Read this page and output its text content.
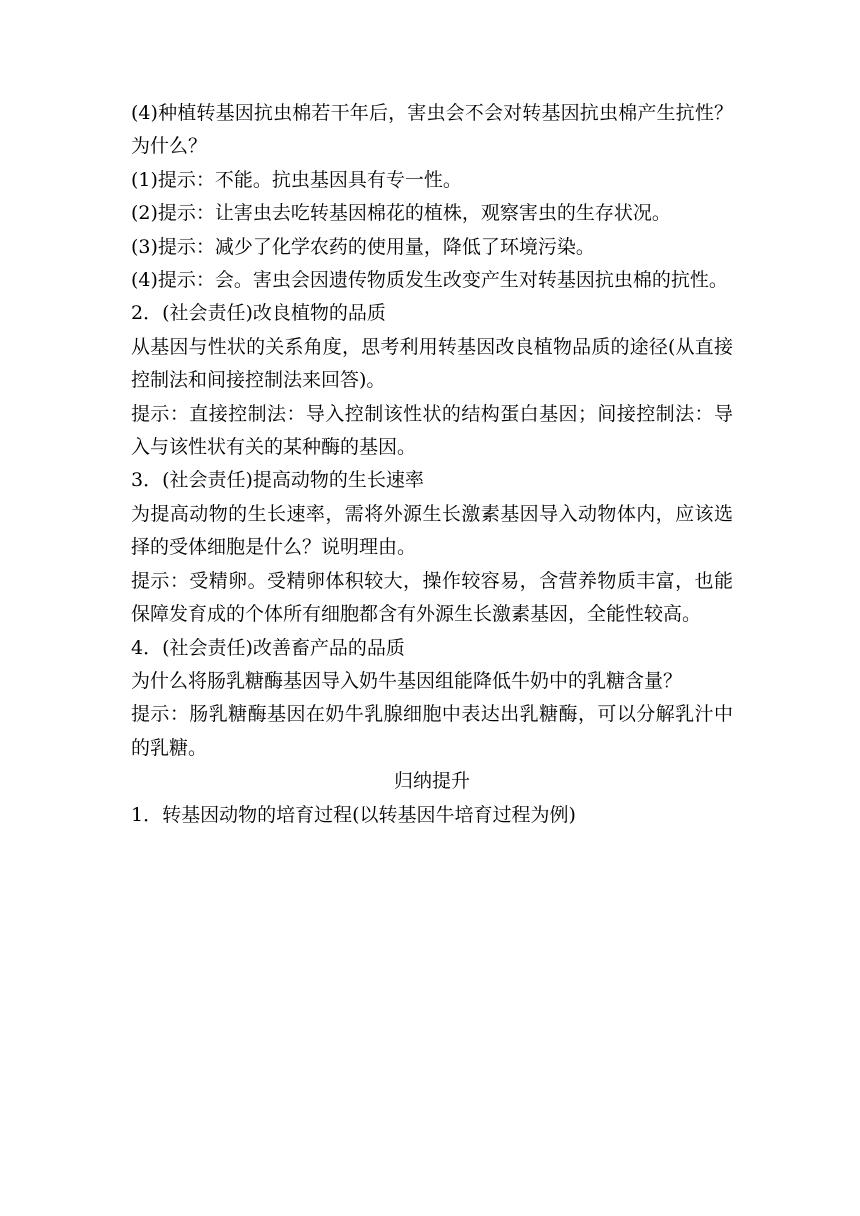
(4)种植转基因抗虫棉若干年后，害虫会不会对转基因抗虫棉产生抗性？为什么？

(1)提示：不能。抗虫基因具有专一性。

(2)提示：让害虫去吃转基因棉花的植株，观察害虫的生存状况。

(3)提示：减少了化学农药的使用量，降低了环境污染。

(4)提示：会。害虫会因遗传物质发生改变产生对转基因抗虫棉的抗性。

2．(社会责任)改良植物的品质

从基因与性状的关系角度，思考利用转基因改良植物品质的途径(从直接控制法和间接控制法来回答)。

提示：直接控制法：导入控制该性状的结构蛋白基因；间接控制法：导入与该性状有关的某种酶的基因。

3．(社会责任)提高动物的生长速率

为提高动物的生长速率，需将外源生长激素基因导入动物体内，应该选择的受体细胞是什么？说明理由。

提示：受精卵。受精卵体积较大，操作较容易，含营养物质丰富，也能保障发育成的个体所有细胞都含有外源生长激素基因，全能性较高。

4．(社会责任)改善畜产品的品质

为什么将肠乳糖酶基因导入奶牛基因组能降低牛奶中的乳糖含量？

提示：肠乳糖酶基因在奶牛乳腺细胞中表达出乳糖酶，可以分解乳汁中的乳糖。

归纳提升

1．转基因动物的培育过程(以转基因牛培育过程为例)
